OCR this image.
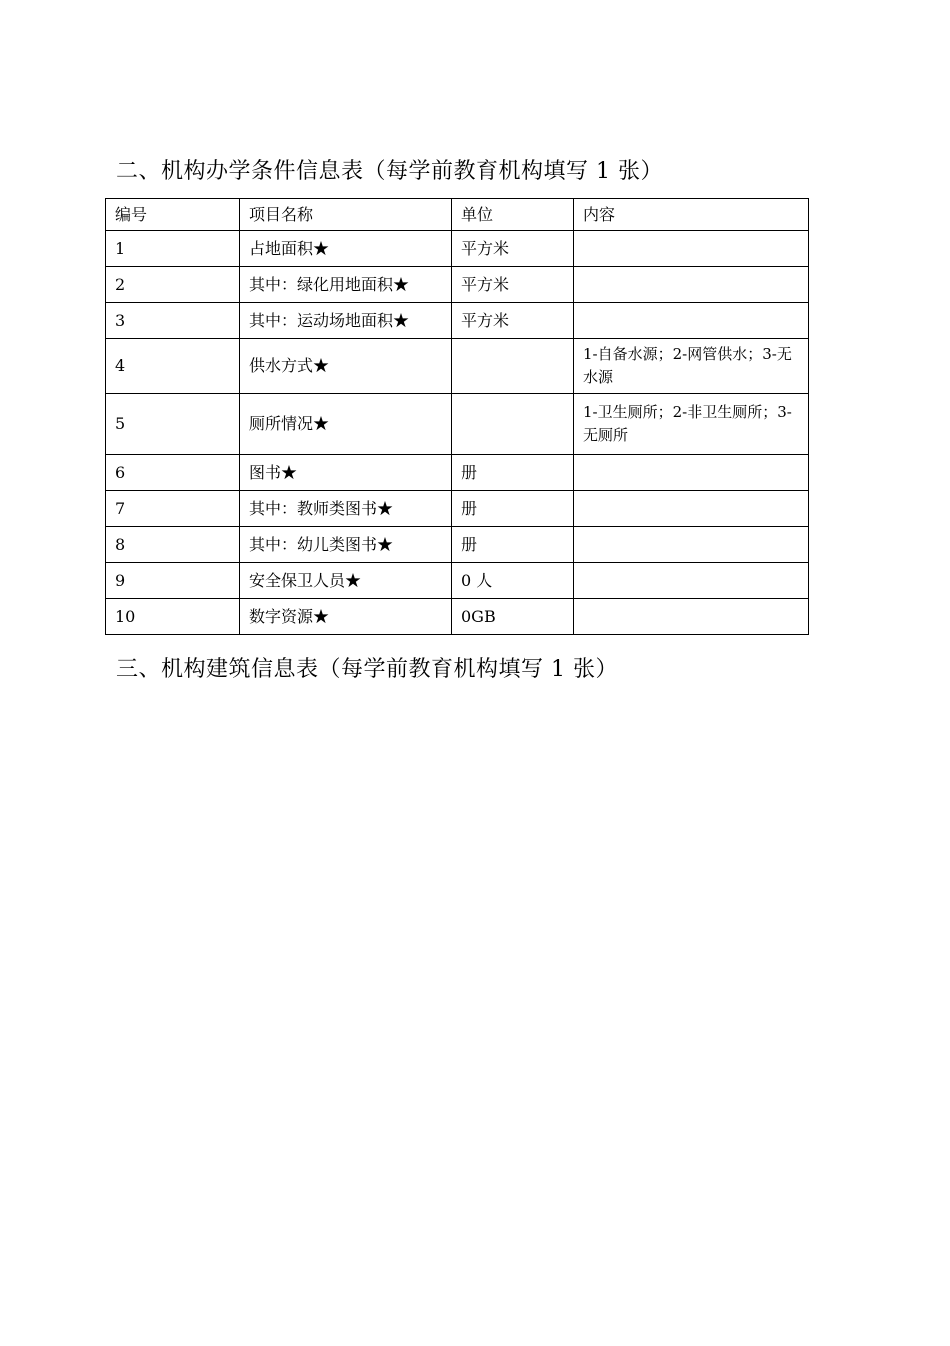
二、机构办学条件信息表（每学前教育机构填写 1 张）
编号	项目名称	单位	内容
1	占地面积★	平方米	
2	其中：绿化用地面积★	平方米	
3	其中：运动场地面积★	平方米	
4	供水方式★		1-自备水源；2-网管供水；3-无水源
5	厕所情况★		1-卫生厕所；2-非卫生厕所；3-无厕所
6	图书★	册	
7	其中：教师类图书★	册	
8	其中：幼儿类图书★	册	
9	安全保卫人员★	0 人	
10	数字资源★	0GB	
三、机构建筑信息表（每学前教育机构填写 1 张）
